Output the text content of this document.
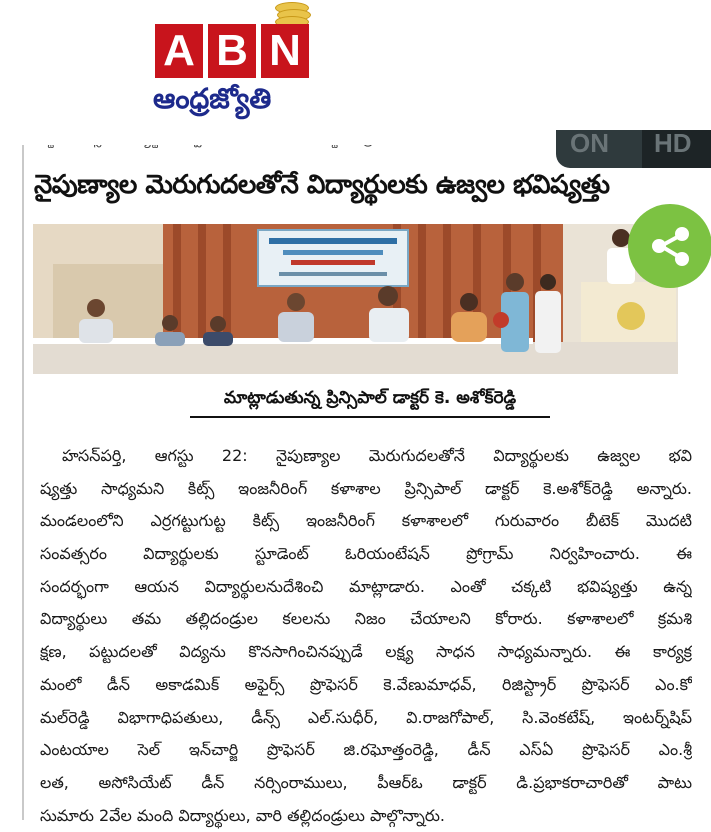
A B N
ఆంధ్రజ్యోతి
ON	HD
నైపుణ్యాల మెరుగుదలతోనే విద్యార్థులకు ఉజ్వల భవిష్యత్తు
మాట్లాడుతున్న ప్రిన్సిపాల్ డాక్టర్ కె. అశోక్‌రెడ్డి
హసన్‌పర్తి, ఆగస్టు 22: నైపుణ్యాల మెరుగుదలతోనే విద్యార్థులకు ఉజ్వల భవి
ష్యత్తు సాధ్యమని కిట్స్ ఇంజనీరింగ్ కళాశాల ప్రిన్సిపాల్ డాక్టర్ కె.అశోక్‌రెడ్డి అన్నారు.
మండలంలోని ఎర్రగట్టుగుట్ట కిట్స్ ఇంజనీరింగ్ కళాశాలలో గురువారం బీటెక్ మొదటి
సంవత్సరం విద్యార్థులకు స్టూడెంట్ ఓరియంటేషన్ ప్రోగ్రామ్ నిర్వహించారు. ఈ
సందర్భంగా ఆయన విద్యార్థులనుదేశించి మాట్లాడారు. ఎంతో చక్కటి భవిష్యత్తు ఉన్న
విద్యార్థులు తమ తల్లిదండ్రుల కలలను నిజం చేయాలని కోరారు. కళాశాలలో క్రమశి
క్షణ, పట్టుదలతో విద్యను కొనసాగించినప్పుడే లక్ష్య సాధన సాధ్యమన్నారు. ఈ కార్యక్ర
మంలో డీన్ అకాడమిక్ అఫైర్స్ ప్రొఫెసర్ కె.వేణుమాధవ్, రిజిస్ట్రార్ ప్రొఫెసర్ ఎం.కో
మల్‌రెడ్డి విభాగాధిపతులు, డీన్స్ ఎల్.సుధీర్, వి.రాజగోపాల్, సి.వెంకటేష్, ఇంటర్న్‌షిప్
ఎంటయాల సెల్ ఇన్‌చార్జి ప్రొఫెసర్ జి.రఘోత్తంరెడ్డి, డీన్ ఎస్ఏ ప్రొఫెసర్ ఎం.శ్రీ
లత, అసోసియేట్ డీన్ నర్సింరాములు, పీఆర్ఓ డాక్టర్ డి.ప్రభాకరాచారితో పాటు
సుమారు 2వేల మంది విద్యార్థులు, వారి తల్లిదండ్రులు పాల్గొన్నారు.
